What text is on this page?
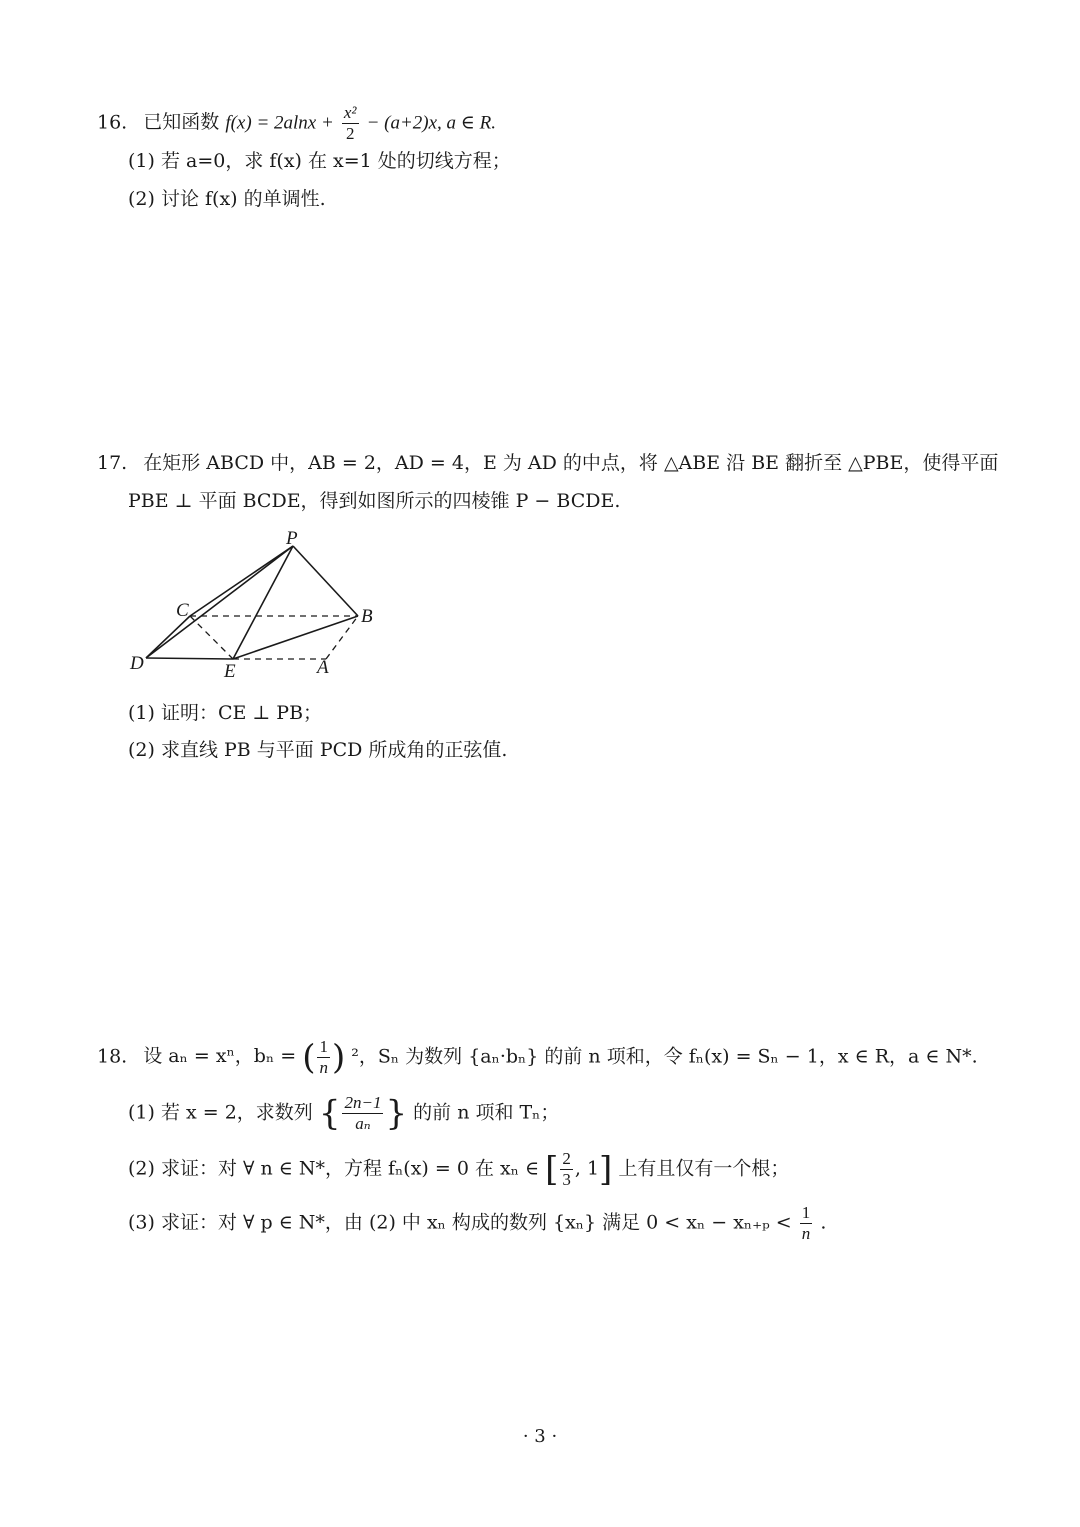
16. 已知函数 $f(x) = 2alnx + \frac{\text{x²}}{2} - (a+2)x$, a ∈ R.
(1) 若 a=0，求 f(x) 在 x=1 处的切线方程；
(2) 讨论 f(x) 的单调性.
17. 在矩形 ABCD 中，AB = 2，AD = 4，E 为 AD 的中点，将 △ABE 沿 BE 翻折至 △PBE，使得平面
PBE ⊥ 平面 BCDE，得到如图所示的四棱锥 P − BCDE.
P
C	B
D	E	A
(1) 证明：CE ⊥ PB；
(2) 求直线 PB 与平面 PCD 所成角的正弦值.
18. 设 aₙ = xⁿ，bₙ = ( $\frac{1}{n}$ ) ²，Sₙ 为数列 {aₙ·bₙ} 的前 n 项和，令 fₙ(x) = Sₙ − 1，x ∈ R，a ∈ N*.
(1) 若 x = 2，求数列 { $\frac{2n-1}{\text{aₙ}}$ } 的前 n 项和 Tₙ；
(2) 求证：对 ∀ n ∈ N*，方程 fₙ(x) = 0 在 xₙ ∈ [ $\frac{2}{3}$ , 1] 上有且仅有一个根；
(3) 求证：对 ∀ p ∈ N*，由 (2) 中 xₙ 构成的数列 {xₙ} 满足 $0 < x_n - x_{n+p} < \frac{1}{n}$ .
· 3 ·
